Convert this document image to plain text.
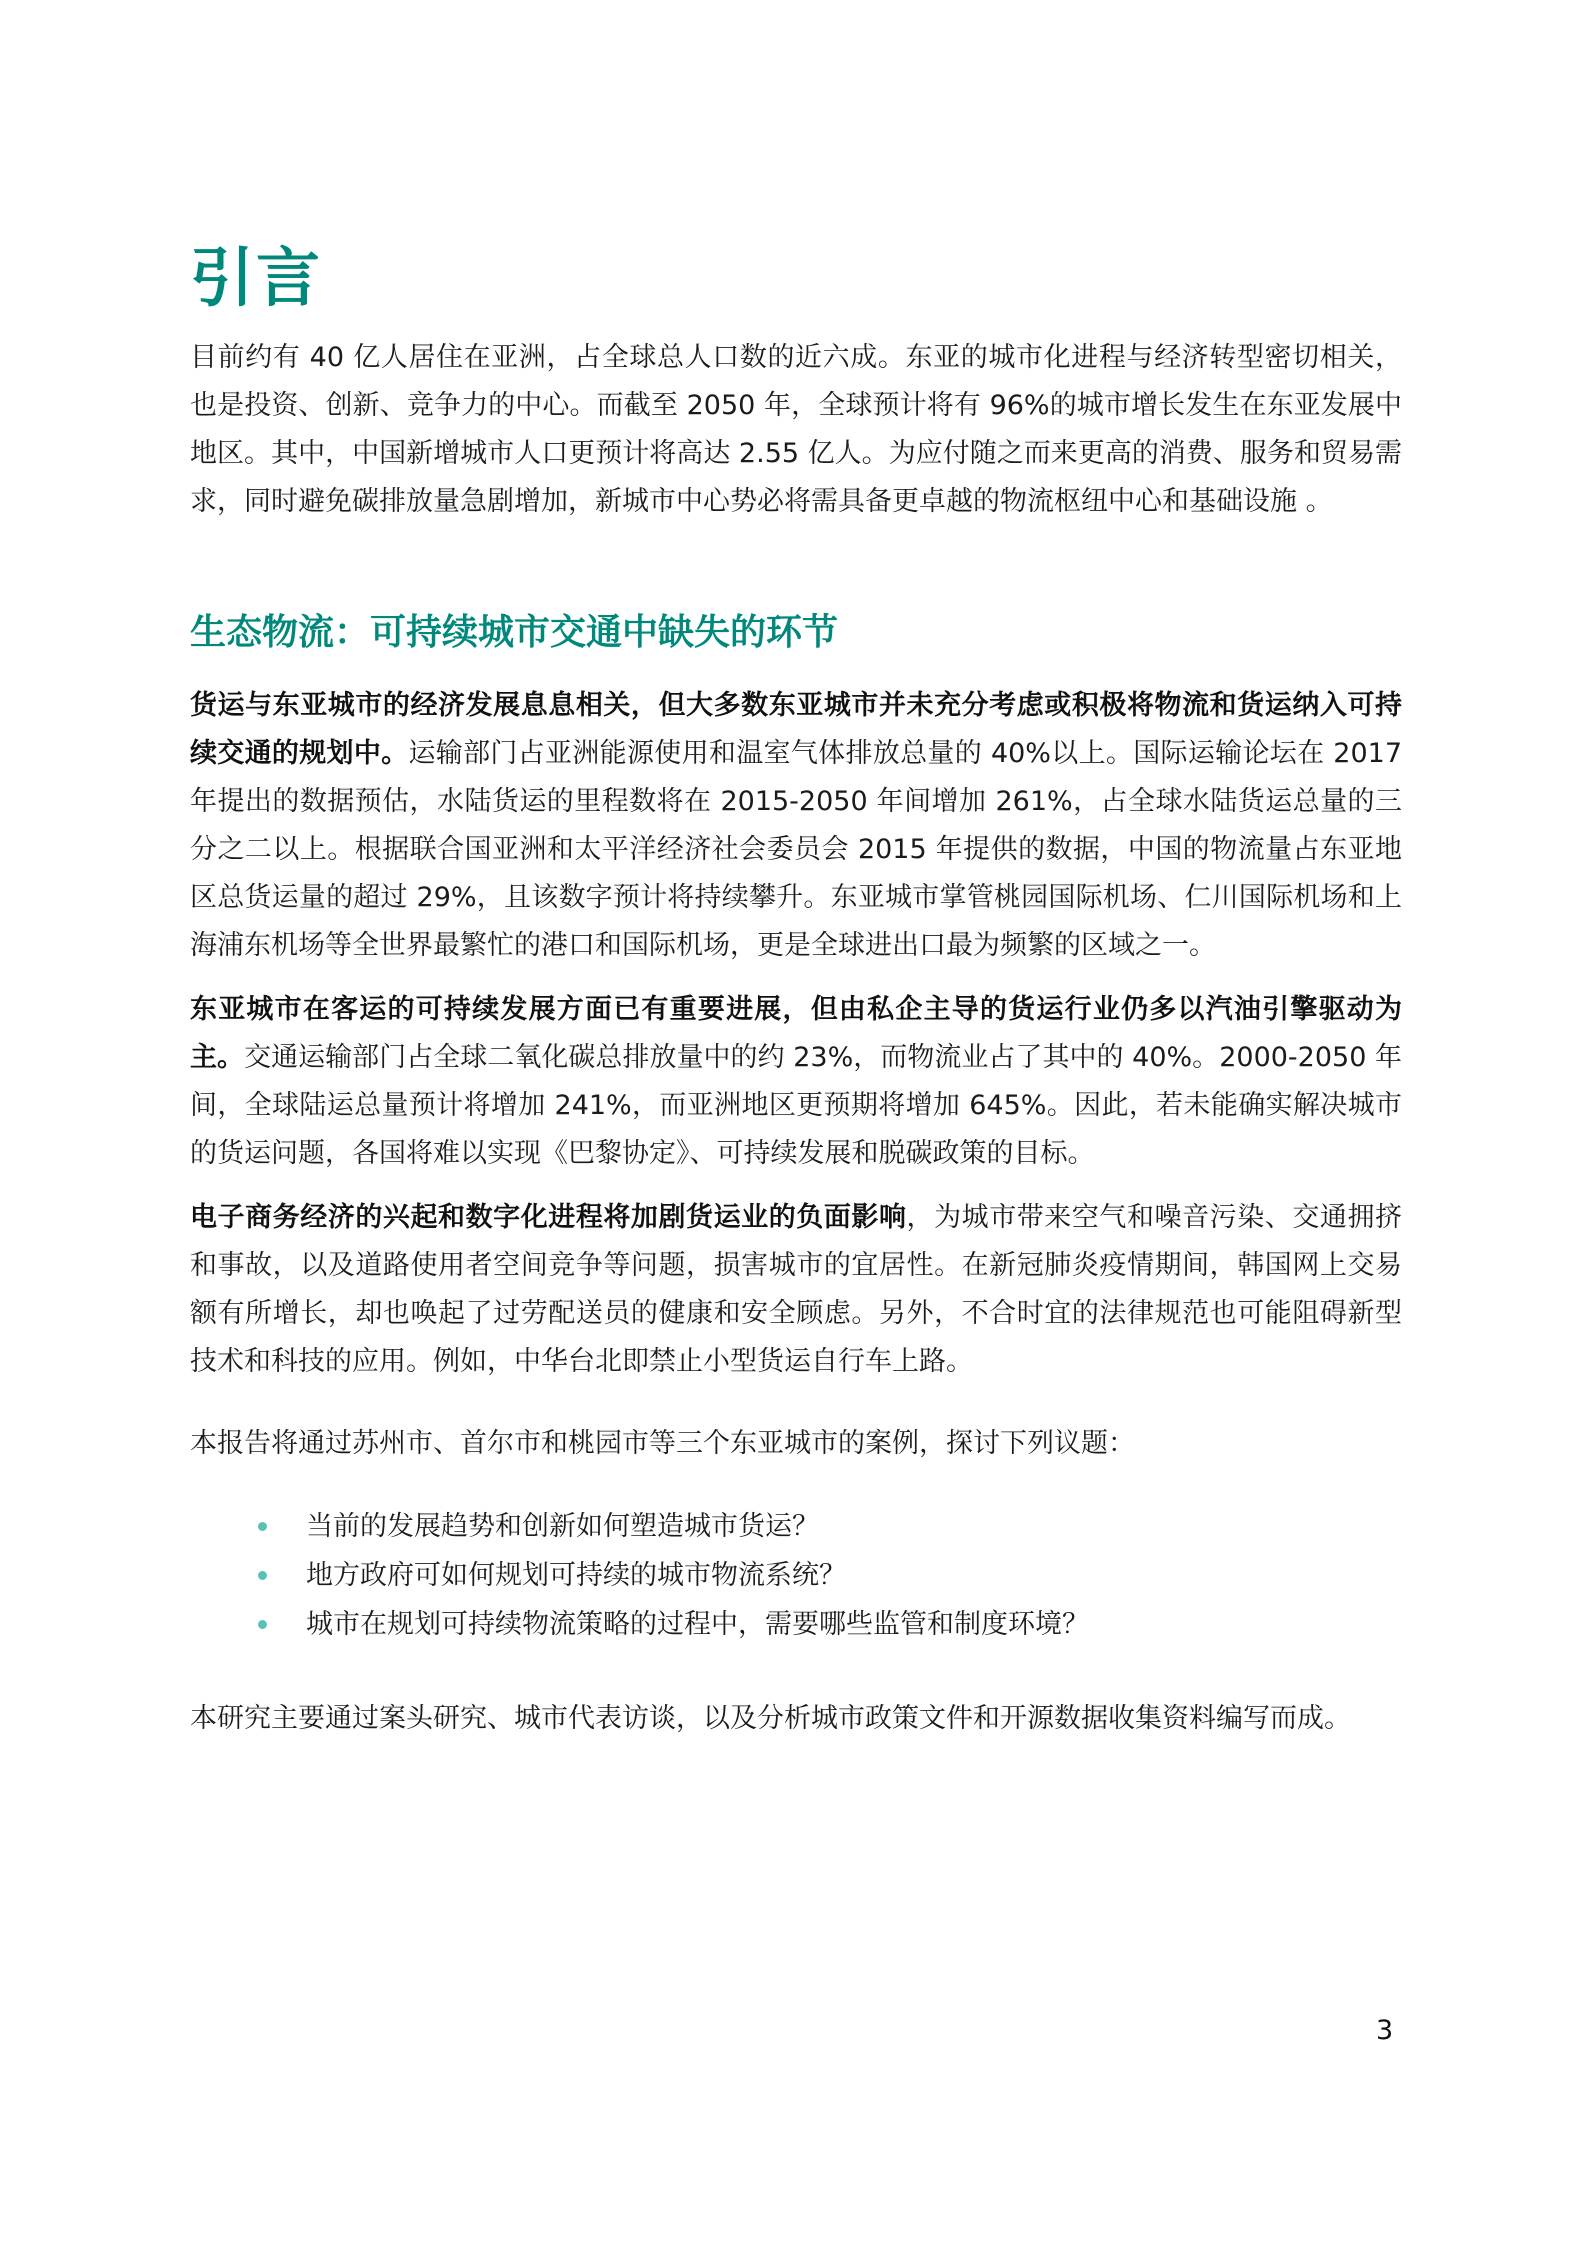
引言

目前约有 40 亿人居住在亚洲，占全球总人口数的近六成。东亚的城市化进程与经济转型密切相关，也是投资、创新、竞争力的中心。而截至 2050 年，全球预计将有 96%的城市增长发生在东亚发展中地区。其中，中国新增城市人口更预计将高达 2.55 亿人。为应付随之而来更高的消费、服务和贸易需求，同时避免碳排放量急剧增加，新城市中心势必将需具备更卓越的物流枢纽中心和基础设施 。

生态物流：可持续城市交通中缺失的环节

货运与东亚城市的经济发展息息相关，但大多数东亚城市并未充分考虑或积极将物流和货运纳入可持续交通的规划中。运输部门占亚洲能源使用和温室气体排放总量的 40%以上。国际运输论坛在 2017 年提出的数据预估，水陆货运的里程数将在 2015-2050 年间增加 261%，占全球水陆货运总量的三分之二以上。根据联合国亚洲和太平洋经济社会委员会 2015 年提供的数据，中国的物流量占东亚地区总货运量的超过 29%，且该数字预计将持续攀升。东亚城市掌管桃园国际机场、仁川国际机场和上海浦东机场等全世界最繁忙的港口和国际机场，更是全球进出口最为频繁的区域之一。

东亚城市在客运的可持续发展方面已有重要进展，但由私企主导的货运行业仍多以汽油引擎驱动为主。交通运输部门占全球二氧化碳总排放量中的约 23%，而物流业占了其中的 40%。2000-2050 年间，全球陆运总量预计将增加 241%，而亚洲地区更预期将增加 645%。因此，若未能确实解决城市的货运问题，各国将难以实现《巴黎协定》、可持续发展和脱碳政策的目标。

电子商务经济的兴起和数字化进程将加剧货运业的负面影响，为城市带来空气和噪音污染、交通拥挤和事故，以及道路使用者空间竞争等问题，损害城市的宜居性。在新冠肺炎疫情期间，韩国网上交易额有所增长，却也唤起了过劳配送员的健康和安全顾虑。另外，不合时宜的法律规范也可能阻碍新型技术和科技的应用。例如，中华台北即禁止小型货运自行车上路。

本报告将通过苏州市、首尔市和桃园市等三个东亚城市的案例，探讨下列议题：

当前的发展趋势和创新如何塑造城市货运？
地方政府可如何规划可持续的城市物流系统？
城市在规划可持续物流策略的过程中，需要哪些监管和制度环境？

本研究主要通过案头研究、城市代表访谈，以及分析城市政策文件和开源数据收集资料编写而成。

3
